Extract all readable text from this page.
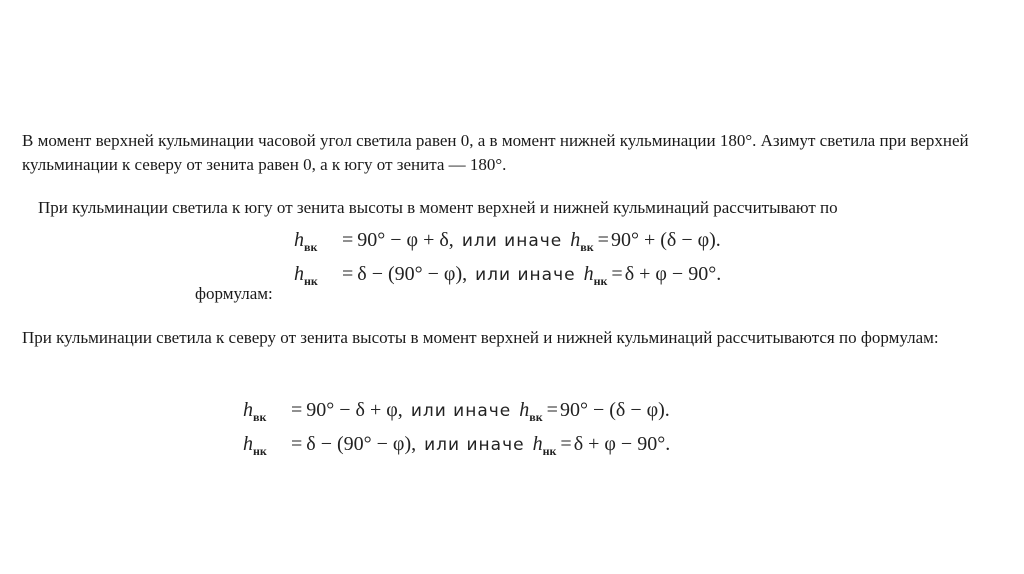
В момент верхней кульминации часовой угол светила равен 0, а в момент нижней кульминации 180°. Азимут светила при верхней кульминации к северу от зенита равен 0, а к югу от зенита — 180°.

При кульминации светила к югу от зенита высоты в момент верхней и нижней кульминаций рассчитывают по

формулам:
$h_{вк}$	= 90° − φ + δ, или иначе $h_{вк} = 90^\circ + (\delta - \varphi)$.
$h_{нк}$	= δ − (90° − φ), или иначе $h_{нк} = \delta + \varphi - 90^\circ$.

При кульминации светила к северу от зенита высоты в момент верхней и нижней кульминаций рассчитываются по формулам:

$h_{вк}$	= 90° − δ + φ, или иначе $h_{вк} = 90^\circ - (\delta - \varphi)$.
$h_{нк}$	= δ − (90° − φ), или иначе $h_{нк} = \delta + \varphi - 90^\circ$.
